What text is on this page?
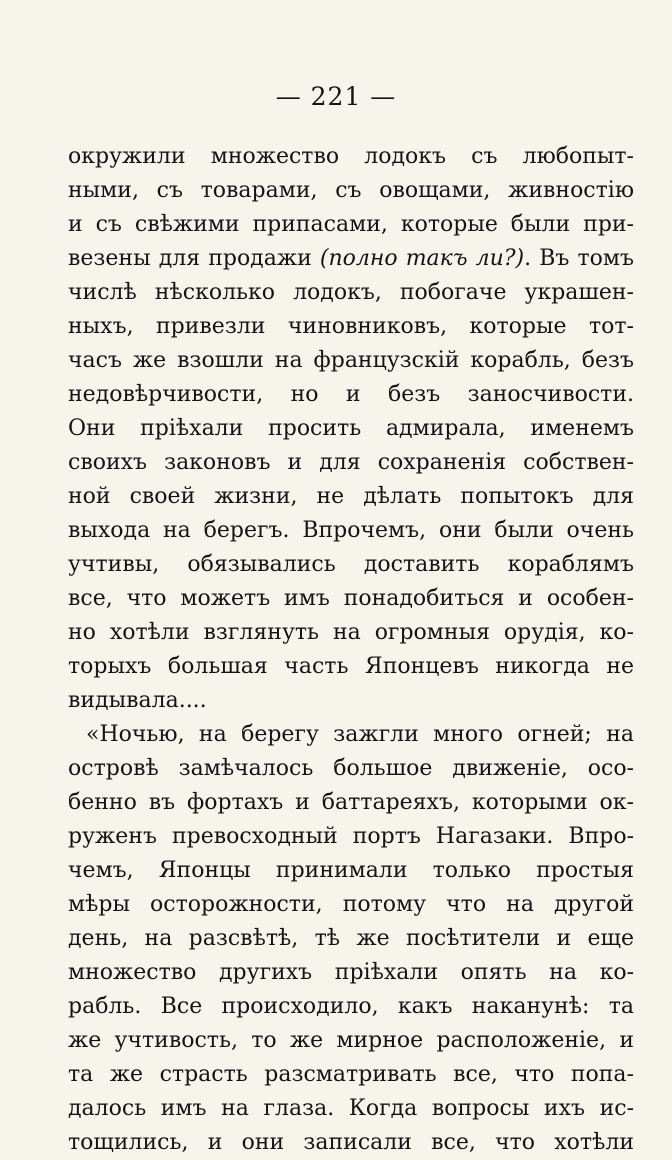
— 221 —
окружили множество лодокъ съ любопыт-
ными, съ товарами, съ овощами, живностію
и съ свѣжими припасами, которые были при-
везены для продажи (полно такъ ли?). Въ томъ
числѣ нѣсколько лодокъ, побогаче украшен-
ныхъ, привезли чиновниковъ, которые тот-
часъ же взошли на французскій корабль, безъ
недовѣрчивости, но и безъ заносчивости.
Они пріѣхали просить адмирала, именемъ
своихъ законовъ и для сохраненія собствен-
ной своей жизни, не дѣлать попытокъ для
выхода на берегъ. Впрочемъ, они были очень
учтивы, обязывались доставить кораблямъ
все, что можетъ имъ понадобиться и особен-
но хотѣли взглянуть на огромныя орудія, ко-
торыхъ большая часть Японцевъ никогда не
видывала....
«Ночью, на берегу зажгли много огней; на
островѣ замѣчалось большое движеніе, осо-
бенно въ фортахъ и баттареяхъ, которыми ок-
руженъ превосходный портъ Нагазаки. Впро-
чемъ, Японцы принимали только простыя
мѣры осторожности, потому что на другой
день, на разсвѣтѣ, тѣ же посѣтители и еще
множество другихъ пріѣхали опять на ко-
рабль. Все происходило, какъ наканунѣ: та
же учтивость, то же мирное расположеніе, и
та же страсть разсматривать все, что попа-
далось имъ на глаза. Когда вопросы ихъ ис-
тощились, и они записали все, что хотѣли
